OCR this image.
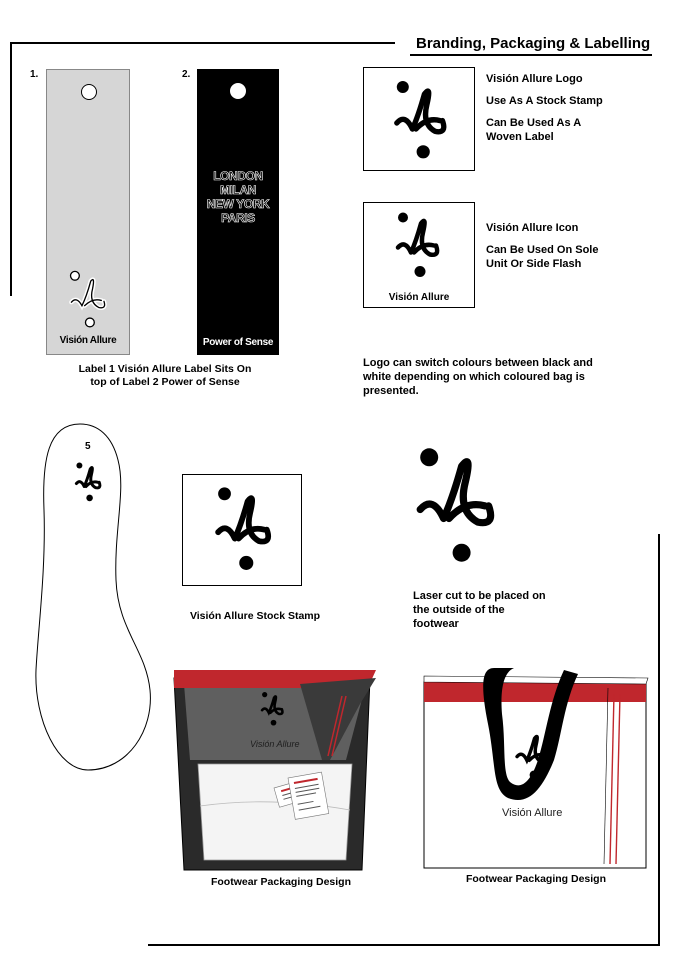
Branding, Packaging & Labelling
1.
Visión Allure
2.
LONDON
MILAN
NEW YORK
PARIS
Power of Sense
Label 1 Visión Allure Label Sits On
top of Label 2 Power of Sense

Visión Allure Logo

Use As A Stock Stamp

Can Be Used As A Woven Label

Visión Allure

Visión Allure Icon

Can Be Used On Sole Unit Or Side Flash

Logo can switch colours between black and white depending on which coloured bag is presented.
5
Visión Allure Stock Stamp
Laser cut to be placed on the outside of the footwear
Visión Allure
Footwear Packaging Design
Visión Allure
Footwear Packaging Design
